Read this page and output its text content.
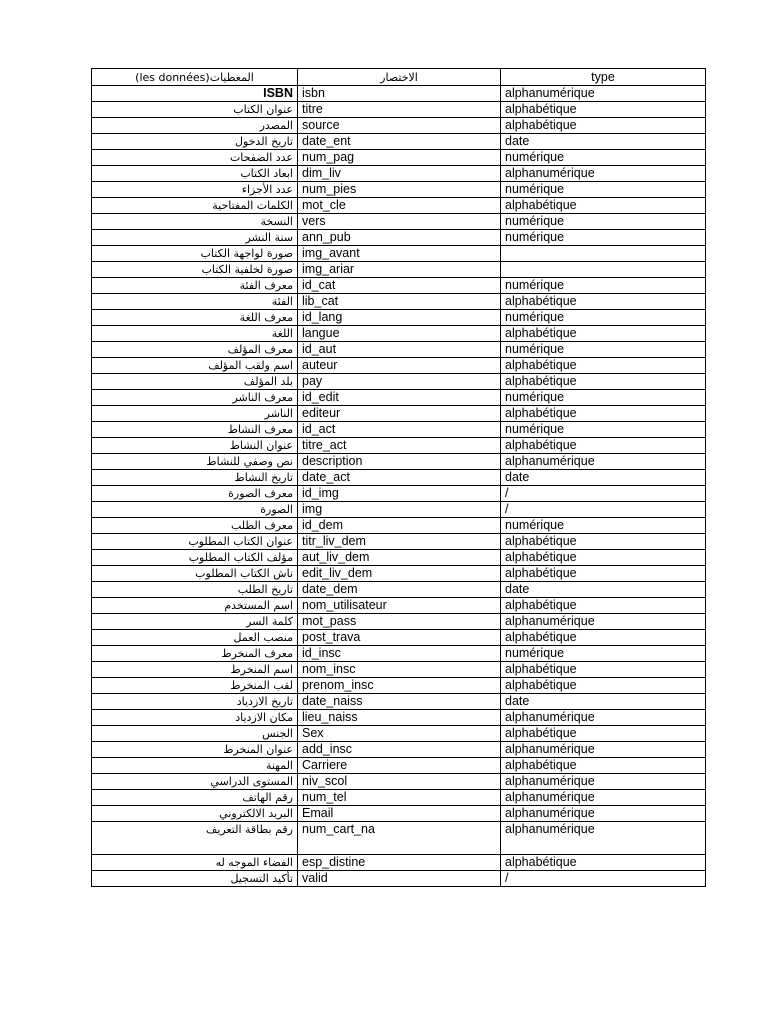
المعطيات(les données)	الاختصار	type
ISBN	isbn	alphanumérique
عنوان الكتاب	titre	alphabétique
المصدر	source	alphabétique
تاريخ الدخول	date_ent	date
عدد الصفحات	num_pag	numérique
ابعاد الكتاب	dim_liv	alphanumérique
عدد الأجزاء	num_pies	numérique
الكلمات المفتاحية	mot_cle	alphabétique
النسخة	vers	numérique
سنة النشر	ann_pub	numérique
صورة لواجهة الكتاب	img_avant	
صورة لخلفية الكتاب	img_ariar	
معرف الفئة	id_cat	numérique
الفئة	lib_cat	alphabétique
معرف اللغة	id_lang	numérique
اللغة	langue	alphabétique
معرف المؤلف	id_aut	numérique
اسم ولقب المؤلف	auteur	alphabétique
بلد المؤلف	pay	alphabétique
معرف الناشر	id_edit	numérique
الناشر	editeur	alphabétique
معرف النشاط	id_act	numérique
عنوان النشاط	titre_act	alphabétique
نص وصفي للنشاط	description	alphanumérique
تاريخ النشاط	date_act	date
معرف الصورة	id_img	/
الصورة	img	/
معرف الطلب	id_dem	numérique
عنوان الكتاب المطلوب	titr_liv_dem	alphabétique
مؤلف الكتاب المطلوب	aut_liv_dem	alphabétique
ناش الكتاب المطلوب	edit_liv_dem	alphabétique
تاريخ الطلب	date_dem	date
اسم المستخدم	nom_utilisateur	alphabétique
كلمة السر	mot_pass	alphanumérique
منصب العمل	post_trava	alphabétique
معرف المنخرط	id_insc	numérique
اسم المنخرط	nom_insc	alphabétique
لقب المنخرط	prenom_insc	alphabétique
تاريخ الازدياد	date_naiss	date
مكان الازدياد	lieu_naiss	alphanumérique
الجنس	Sex	alphabétique
عنوان المنخرط	add_insc	alphanumérique
المهنة	Carriere	alphabétique
المستوى الدراسي	niv_scol	alphanumérique
رقم الهاتف	num_tel	alphanumérique
البريد الالكتروني	Email	alphanumérique
رقم بطاقة التعريف	num_cart_na	alphanumérique
الفضاء الموجه له	esp_distine	alphabétique
تأكيد التسجيل	valid	/
